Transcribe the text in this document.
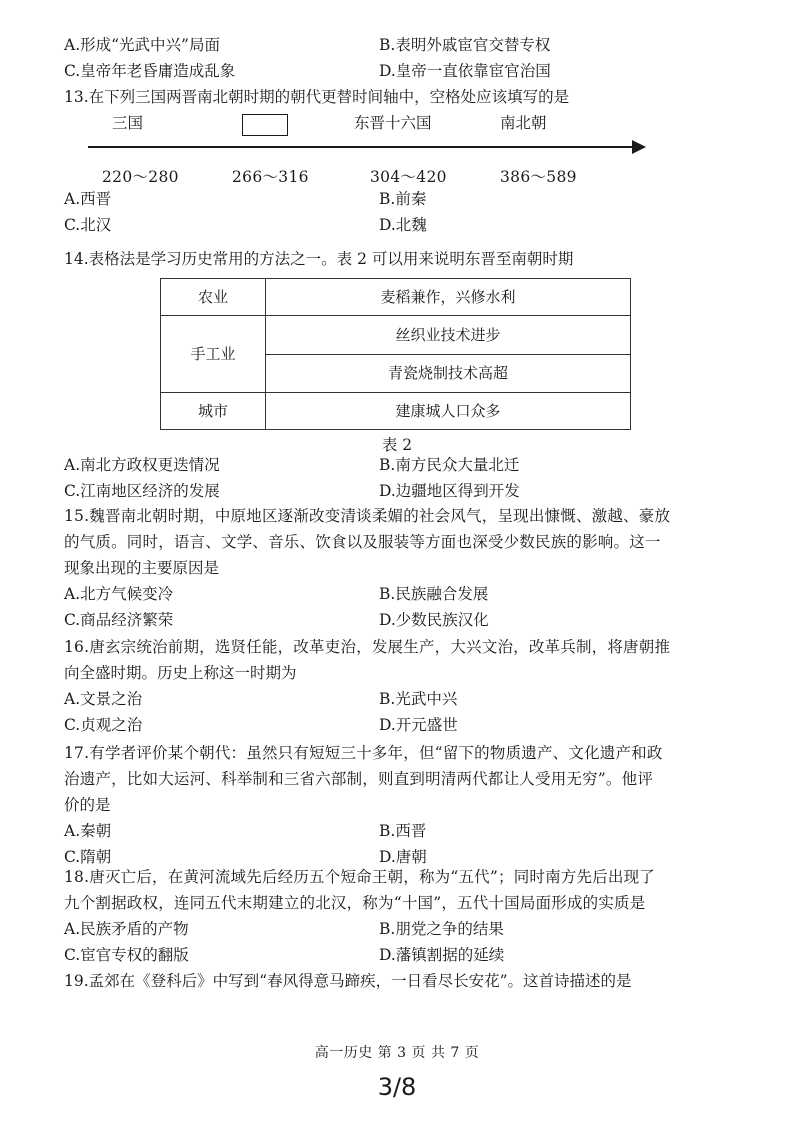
A.形成“光武中兴”局面	B.表明外戚宦官交替专权
C.皇帝年老昏庸造成乱象	D.皇帝一直依靠宦官治国
13.在下列三国两晋南北朝时期的朝代更替时间轴中，空格处应该填写的是
三国	东晋十六国	南北朝
220～280	266～316	304～420	386～589
A.西晋	B.前秦
C.北汉	D.北魏
14.表格法是学习历史常用的方法之一。表 2 可以用来说明东晋至南朝时期
农业	麦稻兼作，兴修水利
手工业	丝织业技术进步
	青瓷烧制技术高超
城市	建康城人口众多
表 2
A.南北方政权更迭情况	B.南方民众大量北迁
C.江南地区经济的发展	D.边疆地区得到开发
15.魏晋南北朝时期，中原地区逐渐改变清谈柔媚的社会风气，呈现出慷慨、激越、豪放
的气质。同时，语言、文学、音乐、饮食以及服装等方面也深受少数民族的影响。这一
现象出现的主要原因是
A.北方气候变冷	B.民族融合发展
C.商品经济繁荣	D.少数民族汉化
16.唐玄宗统治前期，选贤任能，改革吏治，发展生产，大兴文治，改革兵制，将唐朝推
向全盛时期。历史上称这一时期为
A.文景之治	B.光武中兴
C.贞观之治	D.开元盛世
17.有学者评价某个朝代：虽然只有短短三十多年，但“留下的物质遗产、文化遗产和政
治遗产，比如大运河、科举制和三省六部制，则直到明清两代都让人受用无穷”。他评
价的是
A.秦朝	B.西晋
C.隋朝	D.唐朝
18.唐灭亡后，在黄河流域先后经历五个短命王朝，称为“五代”；同时南方先后出现了
九个割据政权，连同五代末期建立的北汉，称为“十国”，五代十国局面形成的实质是
A.民族矛盾的产物	B.朋党之争的结果
C.宦官专权的翻版	D.藩镇割据的延续
19.孟郊在《登科后》中写到“春风得意马蹄疾，一日看尽长安花”。这首诗描述的是
高一历史 第 3 页 共 7 页
3/8
